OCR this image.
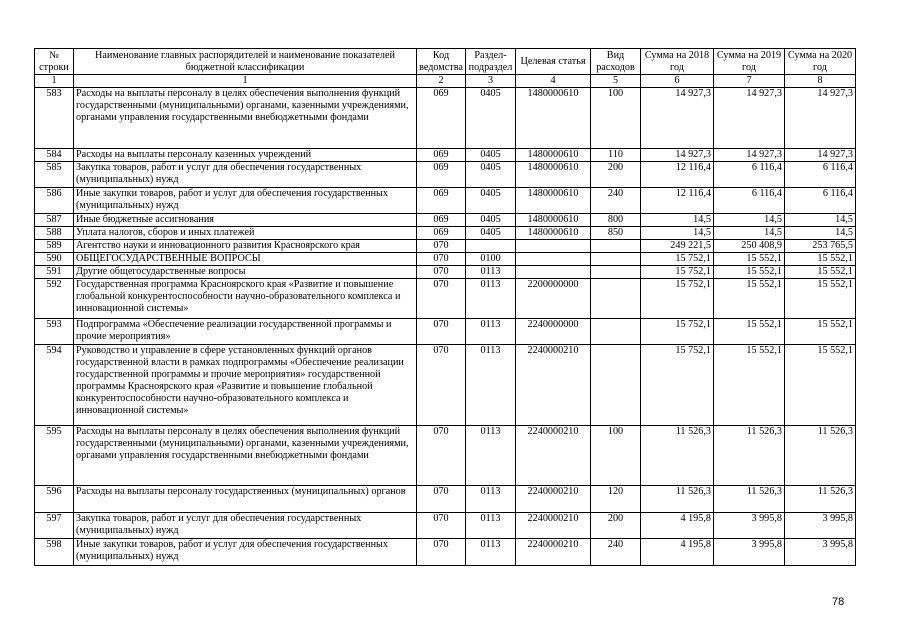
№ строки	Наименование главных распорядителей и наименование показателей бюджетной классификации	Код ведомства	Раздел-подраздел	Целевая статья	Вид расходов	Сумма на 2018 год	Сумма на 2019 год	Сумма на 2020 год
1	1	2	3	4	5	6	7	8
583	Расходы на выплаты персоналу в целях обеспечения выполнения функций государственными (муниципальными) органами, казенными учреждениями, органами управления государственными внебюджетными фондами	069	0405	1480000610	100	14 927,3	14 927,3	14 927,3
584	Расходы на выплаты персоналу казенных учреждений	069	0405	1480000610	110	14 927,3	14 927,3	14 927,3
585	Закупка товаров, работ и услуг для обеспечения государственных (муниципальных) нужд	069	0405	1480000610	200	12 116,4	6 116,4	6 116,4
586	Иные закупки товаров, работ и услуг для обеспечения государственных (муниципальных) нужд	069	0405	1480000610	240	12 116,4	6 116,4	6 116,4
587	Иные бюджетные ассигнования	069	0405	1480000610	800	14,5	14,5	14,5
588	Уплата налогов, сборов и иных платежей	069	0405	1480000610	850	14,5	14,5	14,5
589	Агентство науки и инновационного развития Красноярского края	070				249 221,5	250 408,9	253 765,5
590	ОБЩЕГОСУДАРСТВЕННЫЕ ВОПРОСЫ	070	0100			15 752,1	15 552,1	15 552,1
591	Другие общегосударственные вопросы	070	0113			15 752,1	15 552,1	15 552,1
592	Государственная программа Красноярского края «Развитие и повышение глобальной конкурентоспособности научно-образовательного комплекса и инновационной системы»	070	0113	2200000000		15 752,1	15 552,1	15 552,1
593	Подпрограмма «Обеспечение реализации государственной программы и прочие мероприятия»	070	0113	2240000000		15 752,1	15 552,1	15 552,1
594	Руководство и управление в сфере установленных функций органов государственной власти в рамках подпрограммы «Обеспечение реализации государственной программы и прочие мероприятия» государственной программы Красноярского края «Развитие и повышение глобальной конкурентоспособности научно-образовательного комплекса и инновационной системы»	070	0113	2240000210		15 752,1	15 552,1	15 552,1
595	Расходы на выплаты персоналу в целях обеспечения выполнения функций государственными (муниципальными) органами, казенными учреждениями, органами управления государственными внебюджетными фондами	070	0113	2240000210	100	11 526,3	11 526,3	11 526,3
596	Расходы на выплаты персоналу государственных (муниципальных) органов	070	0113	2240000210	120	11 526,3	11 526,3	11 526,3
597	Закупка товаров, работ и услуг для обеспечения государственных (муниципальных) нужд	070	0113	2240000210	200	4 195,8	3 995,8	3 995,8
598	Иные закупки товаров, работ и услуг для обеспечения государственных (муниципальных) нужд	070	0113	2240000210	240	4 195,8	3 995,8	3 995,8
78
